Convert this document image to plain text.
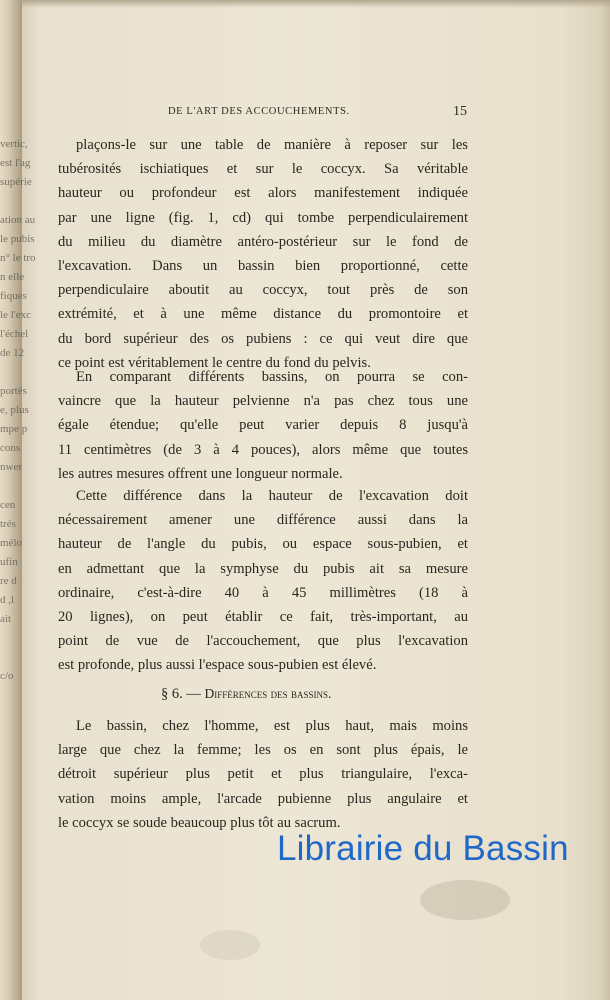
vertic,
est l'ag
supérie
ation au
le pubis
n° le tro
n elle
fiques
le l'exc
l'échel
de 12
portés
e, plus
mpe p
cons
nwer
cen
trés
mélo
ufin
re d
d ,l
ait
c/o
DE L'ART DES ACCOUCHEMENTS.	15

plaçons-le sur une table de manière à reposer sur les
tubérosités ischiatiques et sur le coccyx. Sa véritable
hauteur ou profondeur est alors manifestement indiquée
par une ligne (fig. 1, cd) qui tombe perpendiculairement
du milieu du diamètre antéro-postérieur sur le fond de
l'excavation. Dans un bassin bien proportionné, cette
perpendiculaire aboutit au coccyx, tout près de son
extrémité, et à une même distance du promontoire et
du bord supérieur des os pubiens : ce qui veut dire que
ce point est véritablement le centre du fond du pelvis.

En comparant différents bassins, on pourra se con-
vaincre que la hauteur pelvienne n'a pas chez tous une
égale étendue; qu'elle peut varier depuis 8 jusqu'à
11 centimètres (de 3 à 4 pouces), alors même que toutes
les autres mesures offrent une longueur normale.

Cette différence dans la hauteur de l'excavation doit
nécessairement amener une différence aussi dans la
hauteur de l'angle du pubis, ou espace sous-pubien, et
en admettant que la symphyse du pubis ait sa mesure
ordinaire, c'est-à-dire 40 à 45 millimètres (18 à
20 lignes), on peut établir ce fait, très-important, au
point de vue de l'accouchement, que plus l'excavation
est profonde, plus aussi l'espace sous-pubien est élevé.

§ 6. — Différences des bassins.

Le bassin, chez l'homme, est plus haut, mais moins
large que chez la femme; les os en sont plus épais, le
détroit supérieur plus petit et plus triangulaire, l'exca-
vation moins ample, l'arcade pubienne plus angulaire et
le coccyx se soude beaucoup plus tôt au sacrum.

Librairie du Bassin
